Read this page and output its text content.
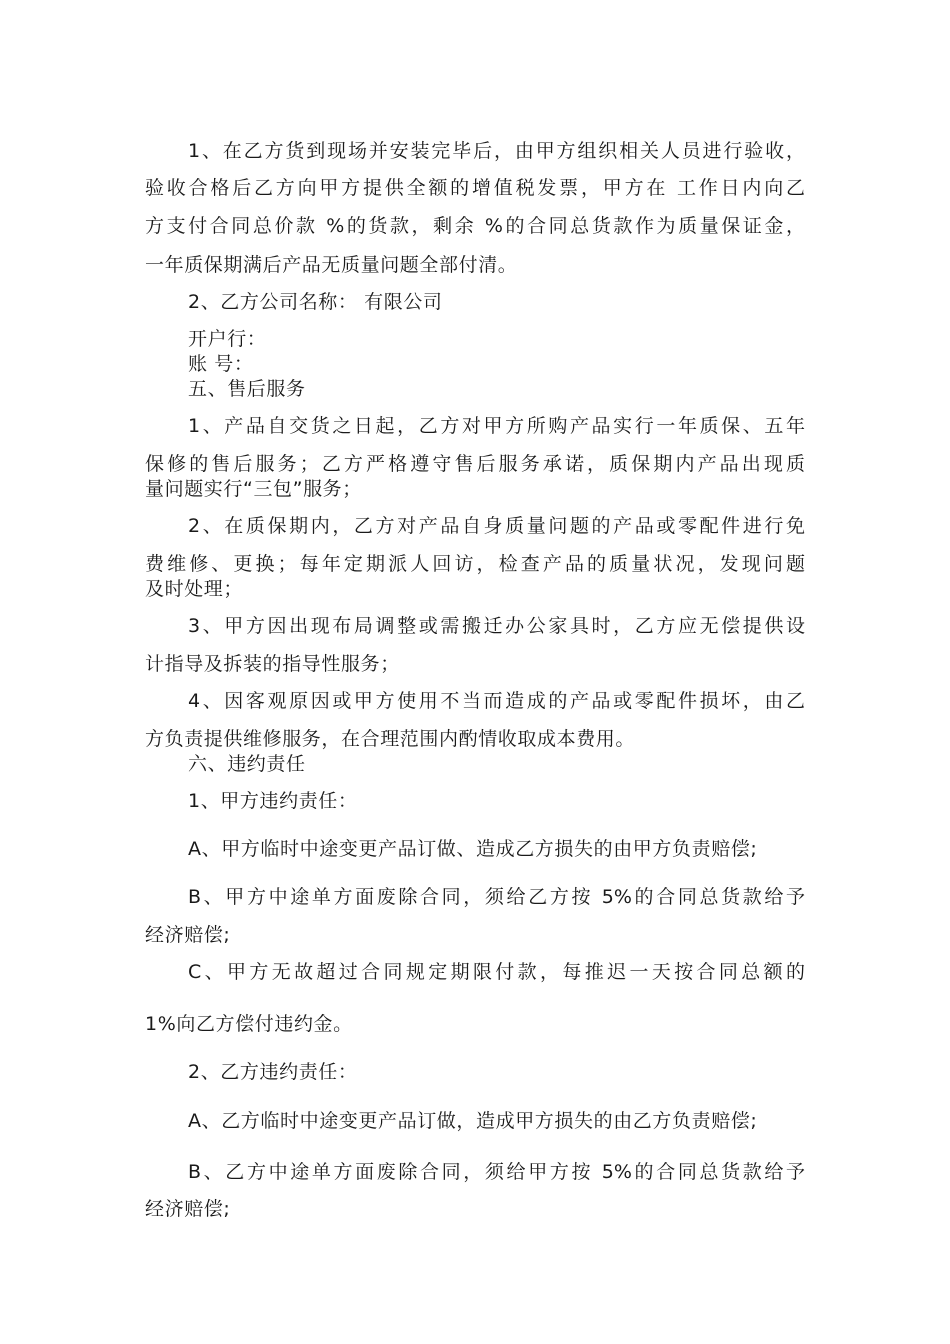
1、在乙方货到现场并安装完毕后，由甲方组织相关人员进行验收，
验收合格后乙方向甲方提供全额的增值税发票，甲方在 工作日内向乙
方支付合同总价款 %的货款，剩余 %的合同总货款作为质量保证金，
一年质保期满后产品无质量问题全部付清。
2、乙方公司名称： 有限公司
开户行：
账 号：
五、售后服务
1、产品自交货之日起，乙方对甲方所购产品实行一年质保、五年
保修的售后服务；乙方严格遵守售后服务承诺，质保期内产品出现质
量问题实行“三包”服务；
2、在质保期内，乙方对产品自身质量问题的产品或零配件进行免
费维修、更换；每年定期派人回访，检查产品的质量状况，发现问题
及时处理；
3、甲方因出现布局调整或需搬迁办公家具时，乙方应无偿提供设
计指导及拆装的指导性服务；
4、因客观原因或甲方使用不当而造成的产品或零配件损坏，由乙
方负责提供维修服务，在合理范围内酌情收取成本费用。
六、违约责任
1、甲方违约责任：
A、甲方临时中途变更产品订做、造成乙方损失的由甲方负责赔偿;
B、甲方中途单方面废除合同，须给乙方按 5%的合同总货款给予
经济赔偿;
C、甲方无故超过合同规定期限付款，每推迟一天按合同总额的
1%向乙方偿付违约金。
2、乙方违约责任：
A、乙方临时中途变更产品订做，造成甲方损失的由乙方负责赔偿;
B、乙方中途单方面废除合同，须给甲方按 5%的合同总货款给予
经济赔偿;
